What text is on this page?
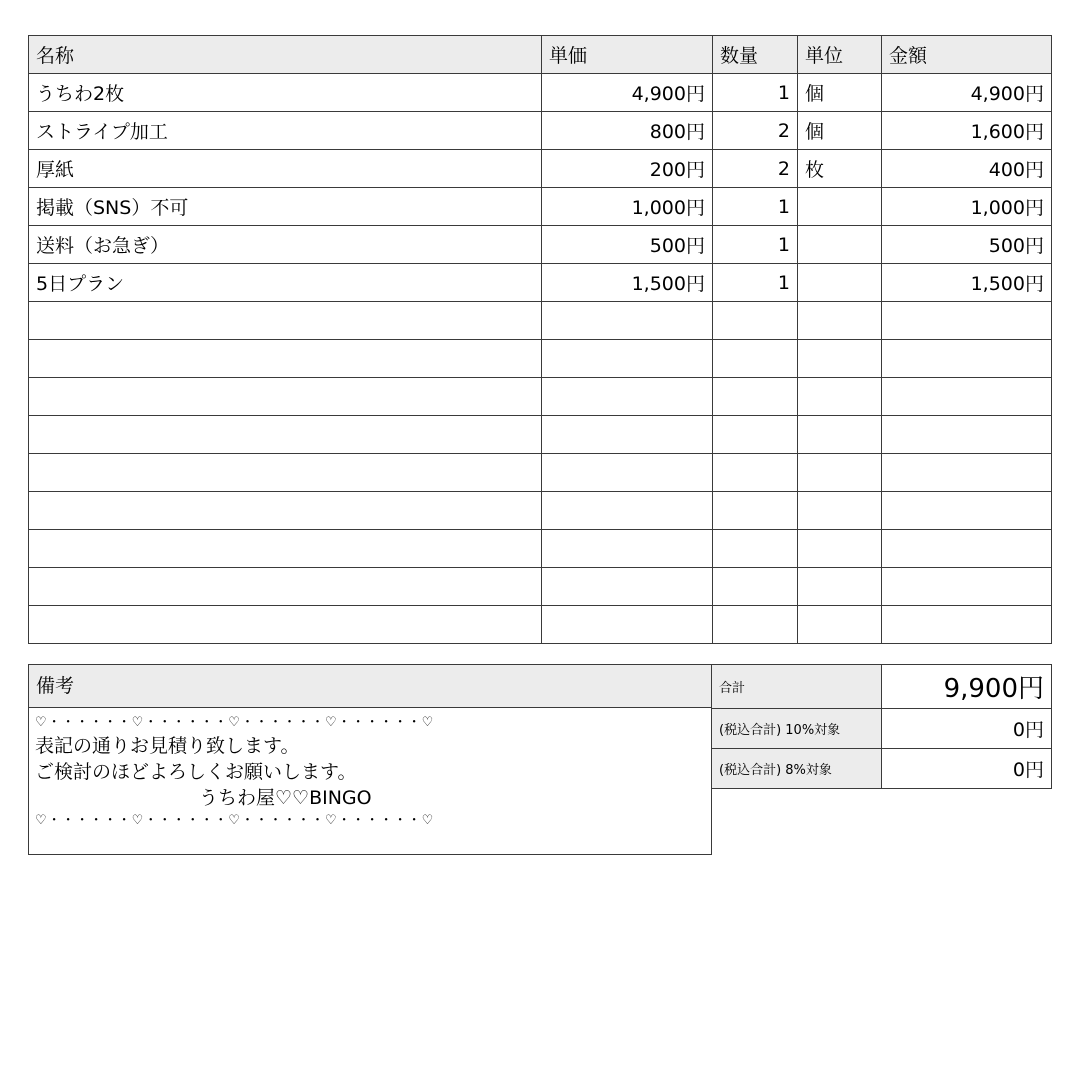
名称	単価	数量	単位	金額
うちわ2枚	4,900円	1	個	4,900円
ストライプ加工	800円	2	個	1,600円
厚紙	200円	2	枚	400円
掲載（SNS）不可	1,000円	1		1,000円
送料（お急ぎ）	500円	1		500円
5日プラン	1,500円	1		1,500円

備考
♡・・・・・・♡・・・・・・♡・・・・・・♡・・・・・・♡
表記の通りお見積り致します。
ご検討のほどよろしくお願いします。
うちわ屋♡♡BINGO
♡・・・・・・♡・・・・・・♡・・・・・・♡・・・・・・♡
合計	9,900円
(税込合計) 10%対象	0円
(税込合計) 8%対象	0円
